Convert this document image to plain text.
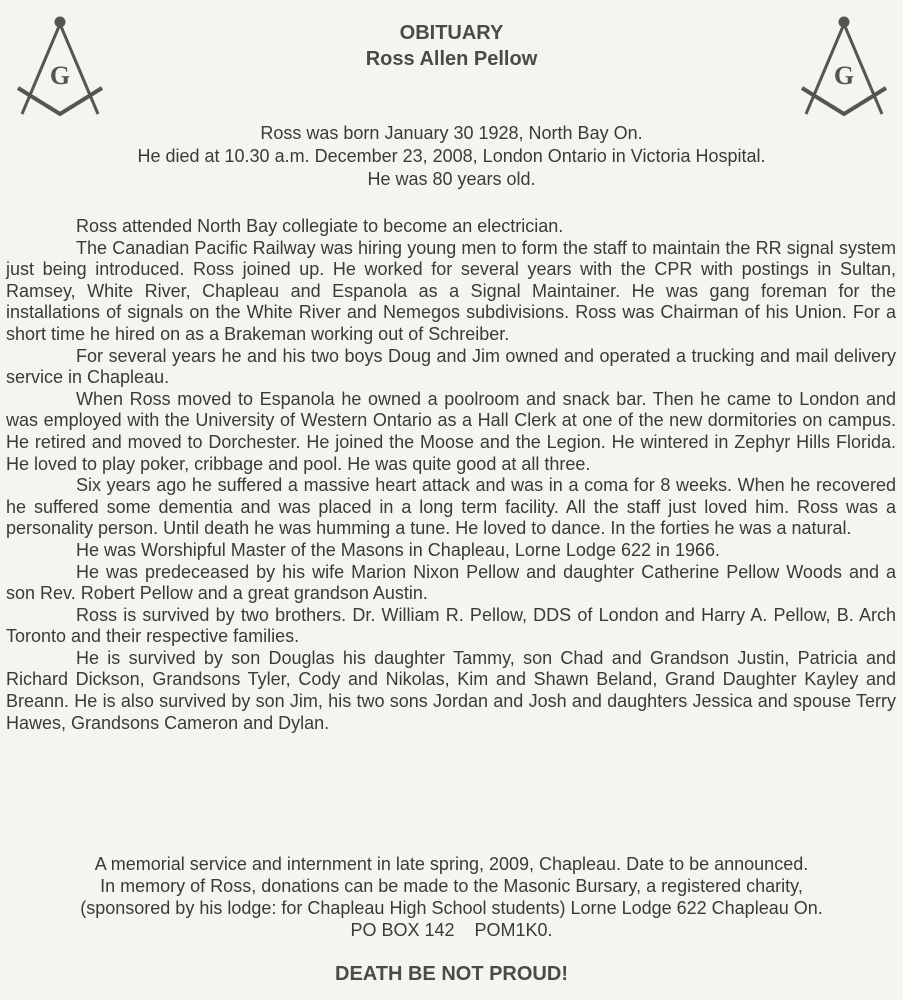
G	G
OBITUARY
Ross Allen Pellow
Ross was born January 30 1928, North Bay On.
He died at 10.30 a.m. December 23, 2008, London Ontario in Victoria Hospital.
He was 80 years old.

Ross attended North Bay collegiate to become an electrician.

The Canadian Pacific Railway was hiring young men to form the staff to maintain the RR signal system just being introduced. Ross joined up. He worked for several years with the CPR with postings in Sultan, Ramsey, White River, Chapleau and Espanola as a Signal Maintainer. He was gang foreman for the installations of signals on the White River and Nemegos subdivisions. Ross was Chairman of his Union. For a short time he hired on as a Brakeman working out of Schreiber.

For several years he and his two boys Doug and Jim owned and operated a trucking and mail delivery service in Chapleau.

When Ross moved to Espanola he owned a poolroom and snack bar. Then he came to London and was employed with the University of Western Ontario as a Hall Clerk at one of the new dormitories on campus. He retired and moved to Dorchester. He joined the Moose and the Legion. He wintered in Zephyr Hills Florida. He loved to play poker, cribbage and pool. He was quite good at all three.

Six years ago he suffered a massive heart attack and was in a coma for 8 weeks. When he recovered he suffered some dementia and was placed in a long term facility. All the staff just loved him. Ross was a personality person. Until death he was humming a tune. He loved to dance. In the forties he was a natural.

He was Worshipful Master of the Masons in Chapleau, Lorne Lodge 622 in 1966.

He was predeceased by his wife Marion Nixon Pellow and daughter Catherine Pellow Woods and a son Rev. Robert Pellow and a great grandson Austin.

Ross is survived by two brothers. Dr. William R. Pellow, DDS of London and Harry A. Pellow, B. Arch Toronto and their respective families.

He is survived by son Douglas his daughter Tammy, son Chad and Grandson Justin, Patricia and Richard Dickson, Grandsons Tyler, Cody and Nikolas, Kim and Shawn Beland, Grand Daughter Kayley and Breann. He is also survived by son Jim, his two sons Jordan and Josh and daughters Jessica and spouse Terry Hawes, Grandsons Cameron and Dylan.

A memorial service and internment in late spring, 2009, Chapleau. Date to be announced.
In memory of Ross, donations can be made to the Masonic Bursary, a registered charity,
(sponsored by his lodge: for Chapleau High School students) Lorne Lodge 622 Chapleau On.
PO BOX 142    POM1K0.
DEATH BE NOT PROUD!
